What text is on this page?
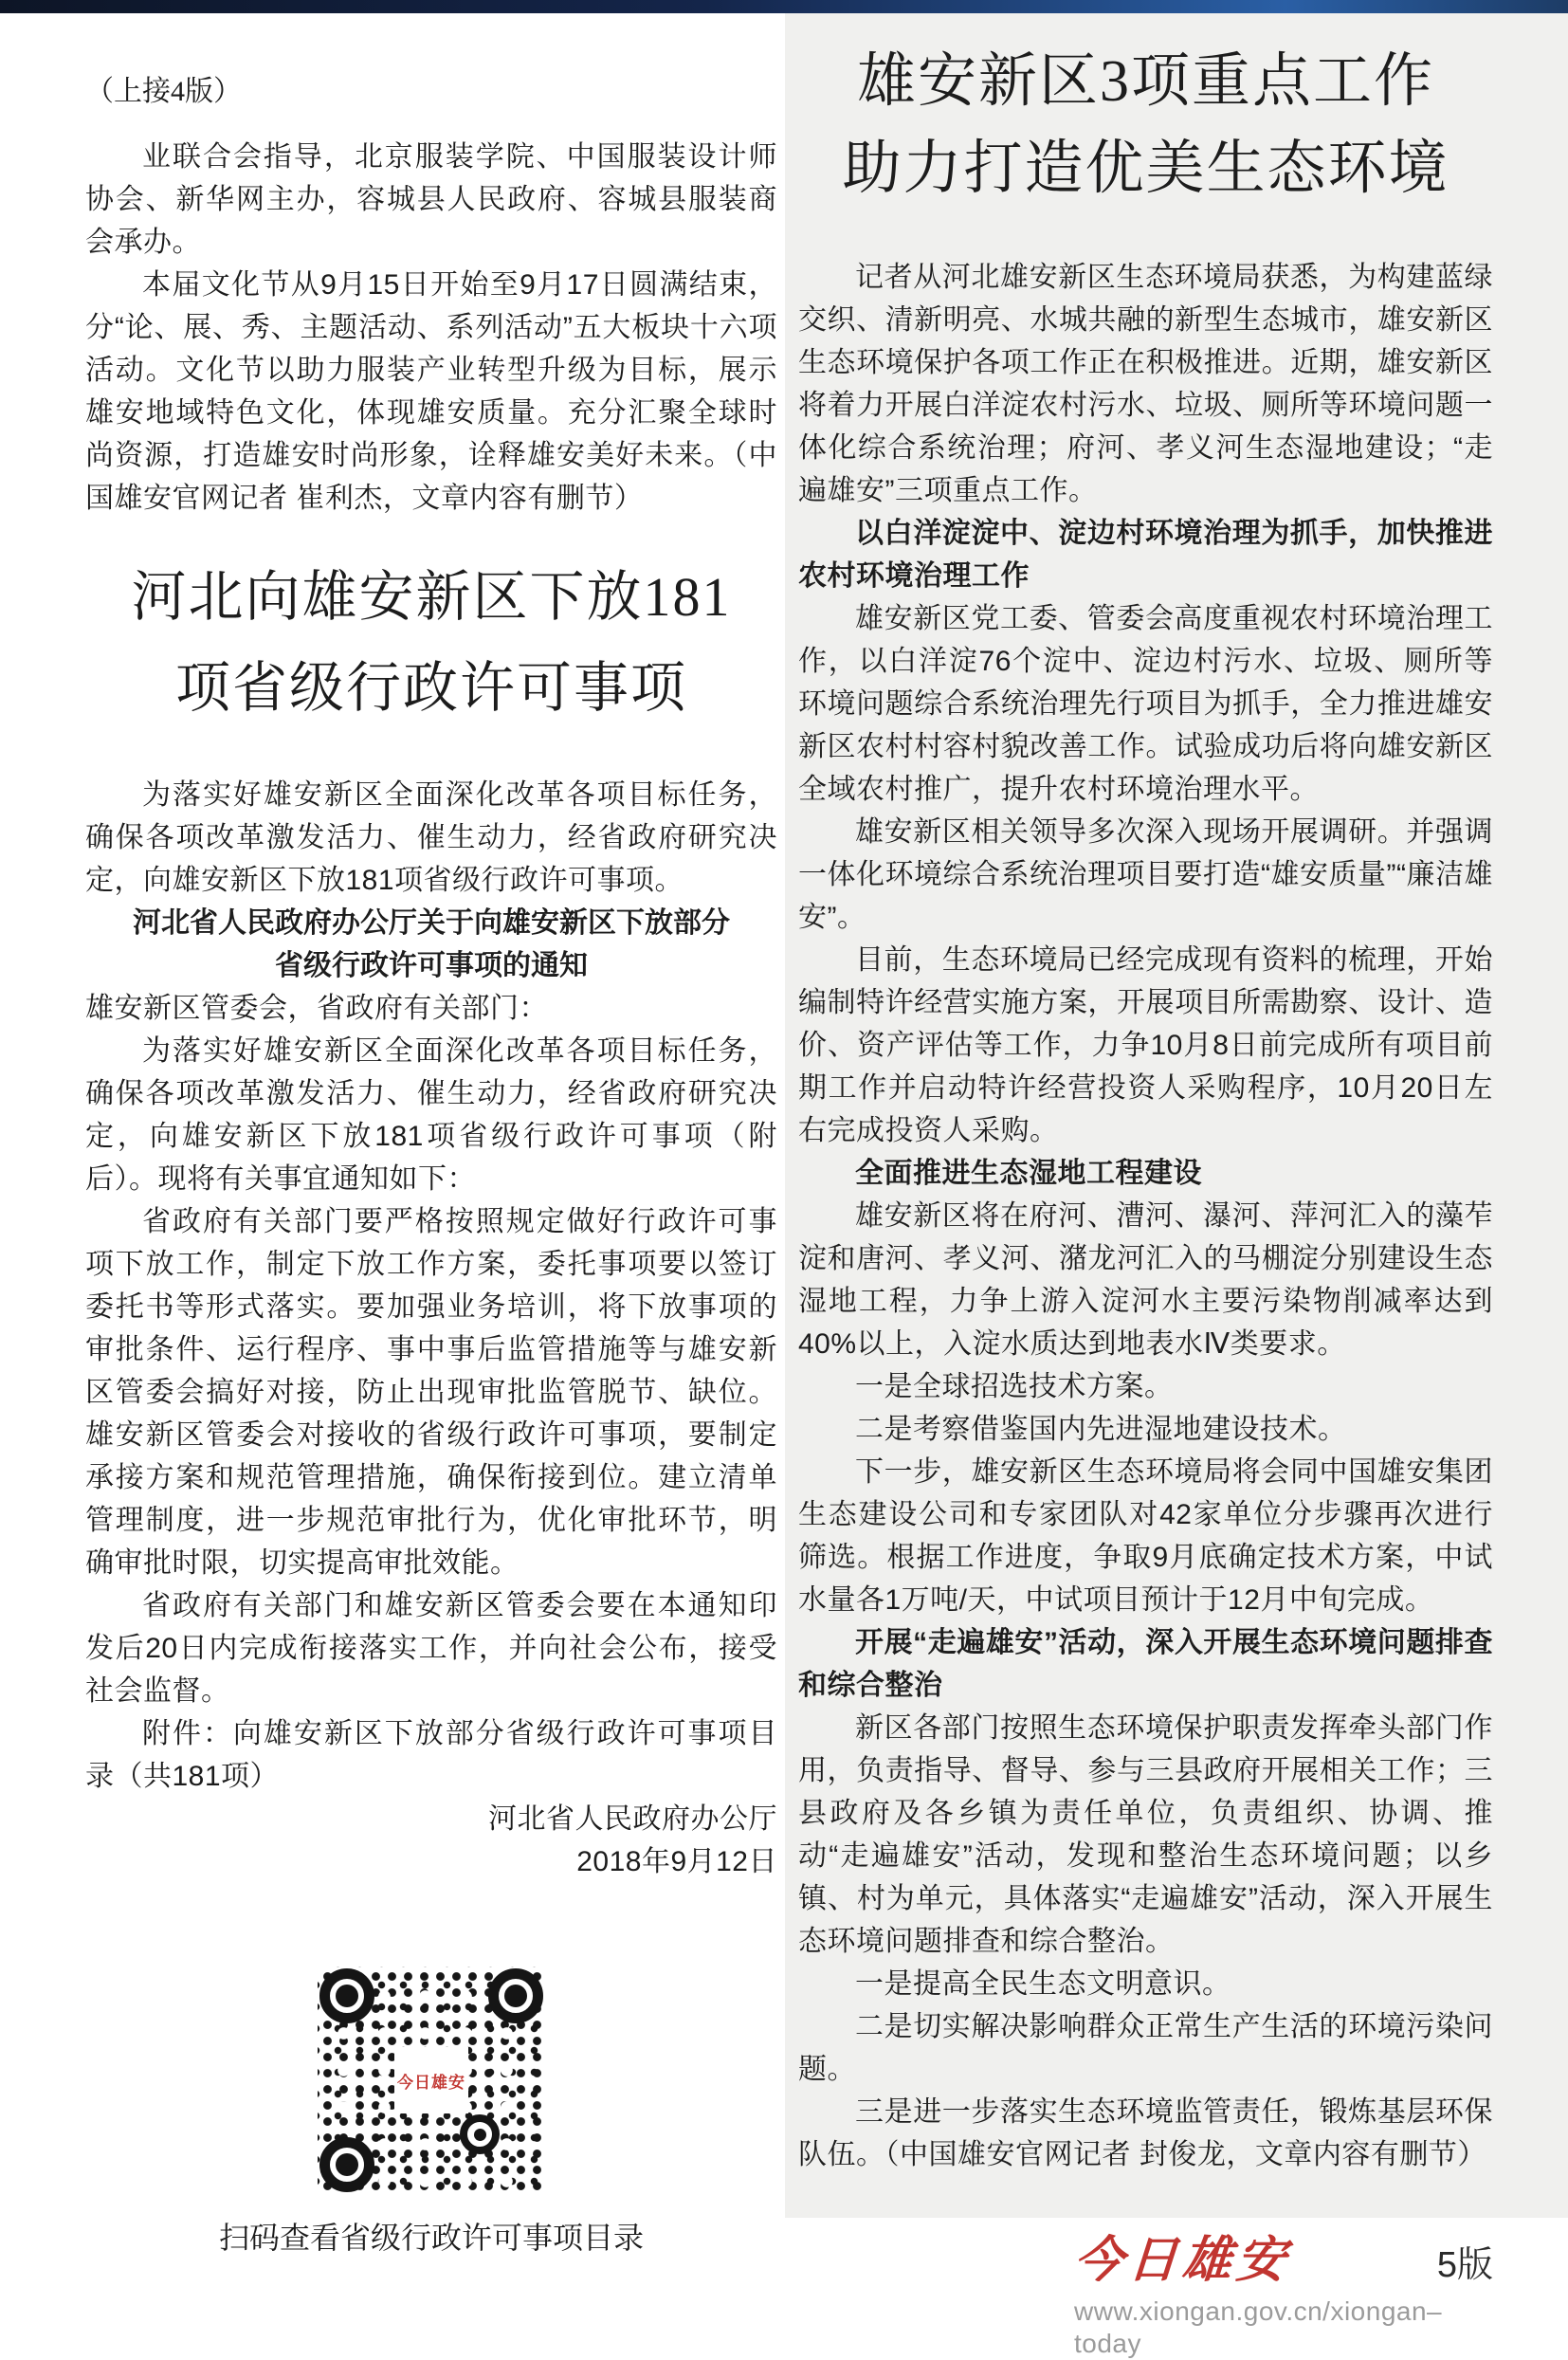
（上接4版）

业联合会指导，北京服装学院、中国服装设计师协会、新华网主办，容城县人民政府、容城县服装商会承办。

本届文化节从9月15日开始至9月17日圆满结束，分“论、展、秀、主题活动、系列活动”五大板块十六项活动。文化节以助力服装产业转型升级为目标，展示雄安地域特色文化，体现雄安质量。充分汇聚全球时尚资源，打造雄安时尚形象，诠释雄安美好未来。（中国雄安官网记者 崔利杰，文章内容有删节）

河北向雄安新区下放181
项省级行政许可事项

为落实好雄安新区全面深化改革各项目标任务，确保各项改革激发活力、催生动力，经省政府研究决定，向雄安新区下放181项省级行政许可事项。

河北省人民政府办公厅关于向雄安新区下放部分省级行政许可事项的通知

雄安新区管委会，省政府有关部门：

为落实好雄安新区全面深化改革各项目标任务，确保各项改革激发活力、催生动力，经省政府研究决定，向雄安新区下放181项省级行政许可事项（附后）。现将有关事宜通知如下：

省政府有关部门要严格按照规定做好行政许可事项下放工作，制定下放工作方案，委托事项要以签订委托书等形式落实。要加强业务培训，将下放事项的审批条件、运行程序、事中事后监管措施等与雄安新区管委会搞好对接，防止出现审批监管脱节、缺位。雄安新区管委会对接收的省级行政许可事项，要制定承接方案和规范管理措施，确保衔接到位。建立清单管理制度，进一步规范审批行为，优化审批环节，明确审批时限，切实提高审批效能。

省政府有关部门和雄安新区管委会要在本通知印发后20日内完成衔接落实工作，并向社会公布，接受社会监督。

附件：向雄安新区下放部分省级行政许可事项目录（共181项）

河北省人民政府办公厅

2018年9月12日

今日雄安
扫码查看省级行政许可事项目录
雄安新区3项重点工作
助力打造优美生态环境

记者从河北雄安新区生态环境局获悉，为构建蓝绿交织、清新明亮、水城共融的新型生态城市，雄安新区生态环境保护各项工作正在积极推进。近期，雄安新区将着力开展白洋淀农村污水、垃圾、厕所等环境问题一体化综合系统治理；府河、孝义河生态湿地建设；“走遍雄安”三项重点工作。

以白洋淀淀中、淀边村环境治理为抓手，加快推进农村环境治理工作

雄安新区党工委、管委会高度重视农村环境治理工作，以白洋淀76个淀中、淀边村污水、垃圾、厕所等环境问题综合系统治理先行项目为抓手，全力推进雄安新区农村村容村貌改善工作。试验成功后将向雄安新区全域农村推广，提升农村环境治理水平。

雄安新区相关领导多次深入现场开展调研。并强调一体化环境综合系统治理项目要打造“雄安质量”“廉洁雄安”。

目前，生态环境局已经完成现有资料的梳理，开始编制特许经营实施方案，开展项目所需勘察、设计、造价、资产评估等工作，力争10月8日前完成所有项目前期工作并启动特许经营投资人采购程序，10月20日左右完成投资人采购。

全面推进生态湿地工程建设

雄安新区将在府河、漕河、瀑河、萍河汇入的藻苲淀和唐河、孝义河、潴龙河汇入的马棚淀分别建设生态湿地工程，力争上游入淀河水主要污染物削减率达到40%以上，入淀水质达到地表水Ⅳ类要求。

一是全球招选技术方案。

二是考察借鉴国内先进湿地建设技术。

下一步，雄安新区生态环境局将会同中国雄安集团生态建设公司和专家团队对42家单位分步骤再次进行筛选。根据工作进度，争取9月底确定技术方案，中试水量各1万吨/天，中试项目预计于12月中旬完成。

开展“走遍雄安”活动，深入开展生态环境问题排查和综合整治

新区各部门按照生态环境保护职责发挥牵头部门作用，负责指导、督导、参与三县政府开展相关工作；三县政府及各乡镇为责任单位，负责组织、协调、推动“走遍雄安”活动，发现和整治生态环境问题；以乡镇、村为单元，具体落实“走遍雄安”活动，深入开展生态环境问题排查和综合整治。

一是提高全民生态文明意识。

二是切实解决影响群众正常生产生活的环境污染问题。

三是进一步落实生态环境监管责任，锻炼基层环保队伍。（中国雄安官网记者 封俊龙，文章内容有删节）

今日雄安	5版
www.xiongan.gov.cn/xiongan–today
